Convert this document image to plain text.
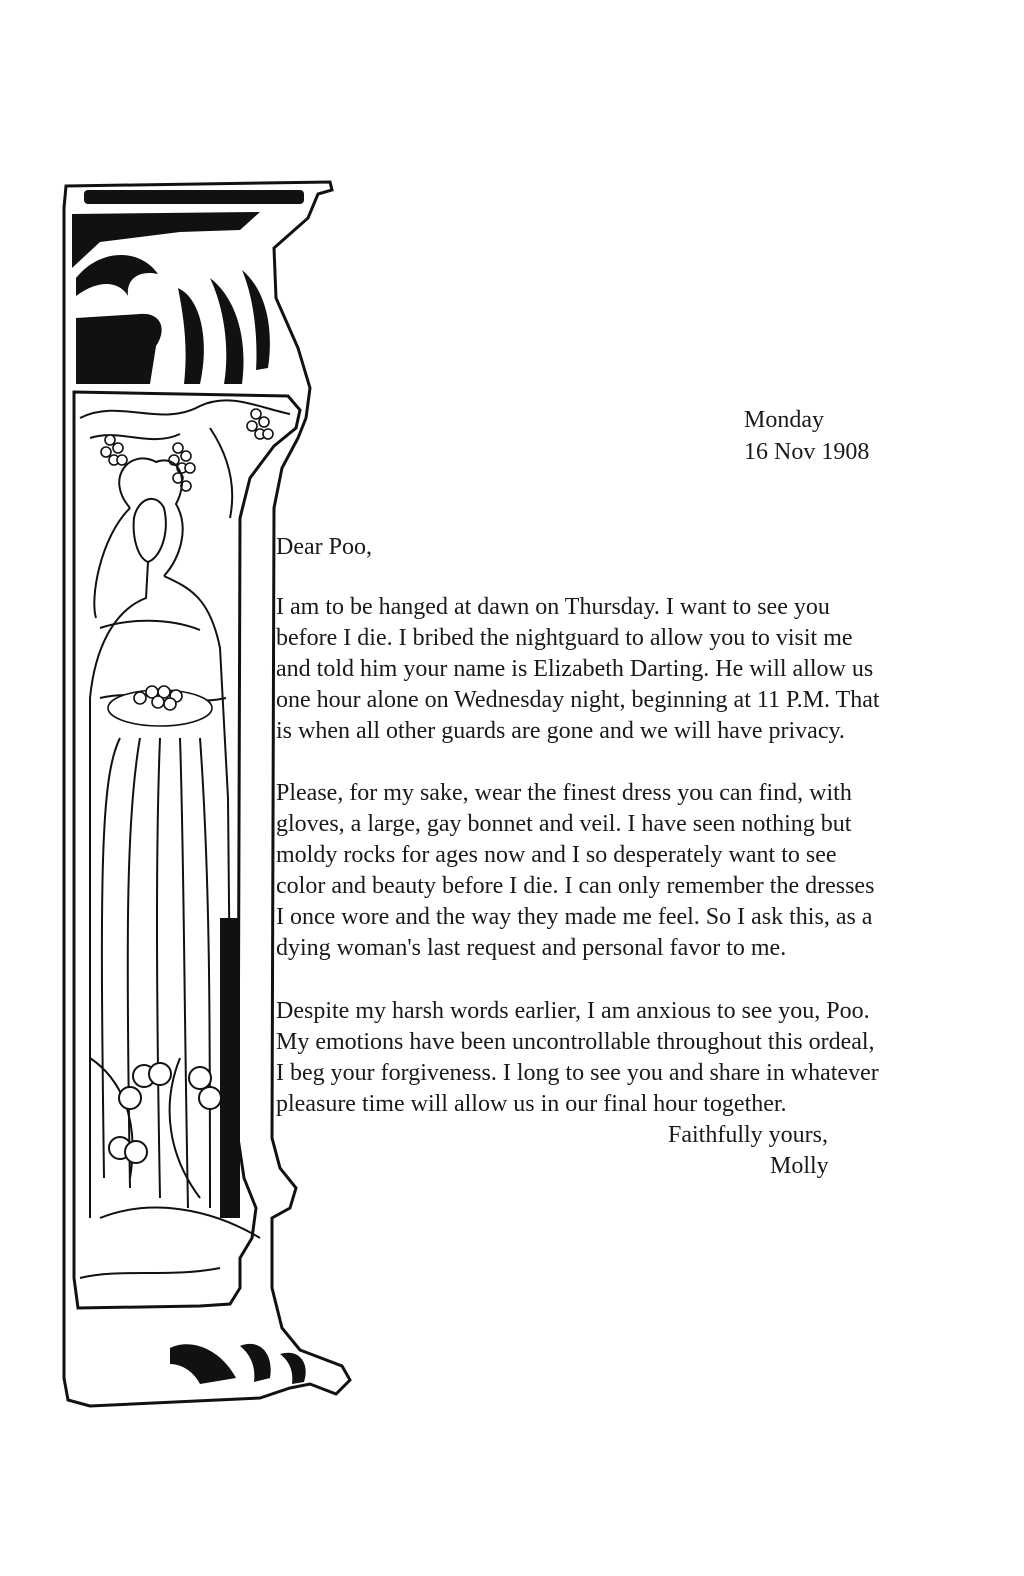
Monday
16 Nov 1908
Dear Poo,
I am to be hanged at dawn on Thursday. I want to see you
before I die. I bribed the nightguard to allow you to visit me
and told him your name is Elizabeth Darting. He will allow us
one hour alone on Wednesday night, beginning at 11 P.M. That
is when all other guards are gone and we will have privacy.
Please, for my sake, wear the finest dress you can find, with
gloves, a large, gay bonnet and veil. I have seen nothing but
moldy rocks for ages now and I so desperately want to see
color and beauty before I die. I can only remember the dresses
I once wore and the way they made me feel. So I ask this, as a
dying woman's last request and personal favor to me.
Despite my harsh words earlier, I am anxious to see you, Poo.
My emotions have been uncontrollable throughout this ordeal,
I beg your forgiveness. I long to see you and share in whatever
pleasure time will allow us in our final hour together.
Faithfully yours,
Molly
